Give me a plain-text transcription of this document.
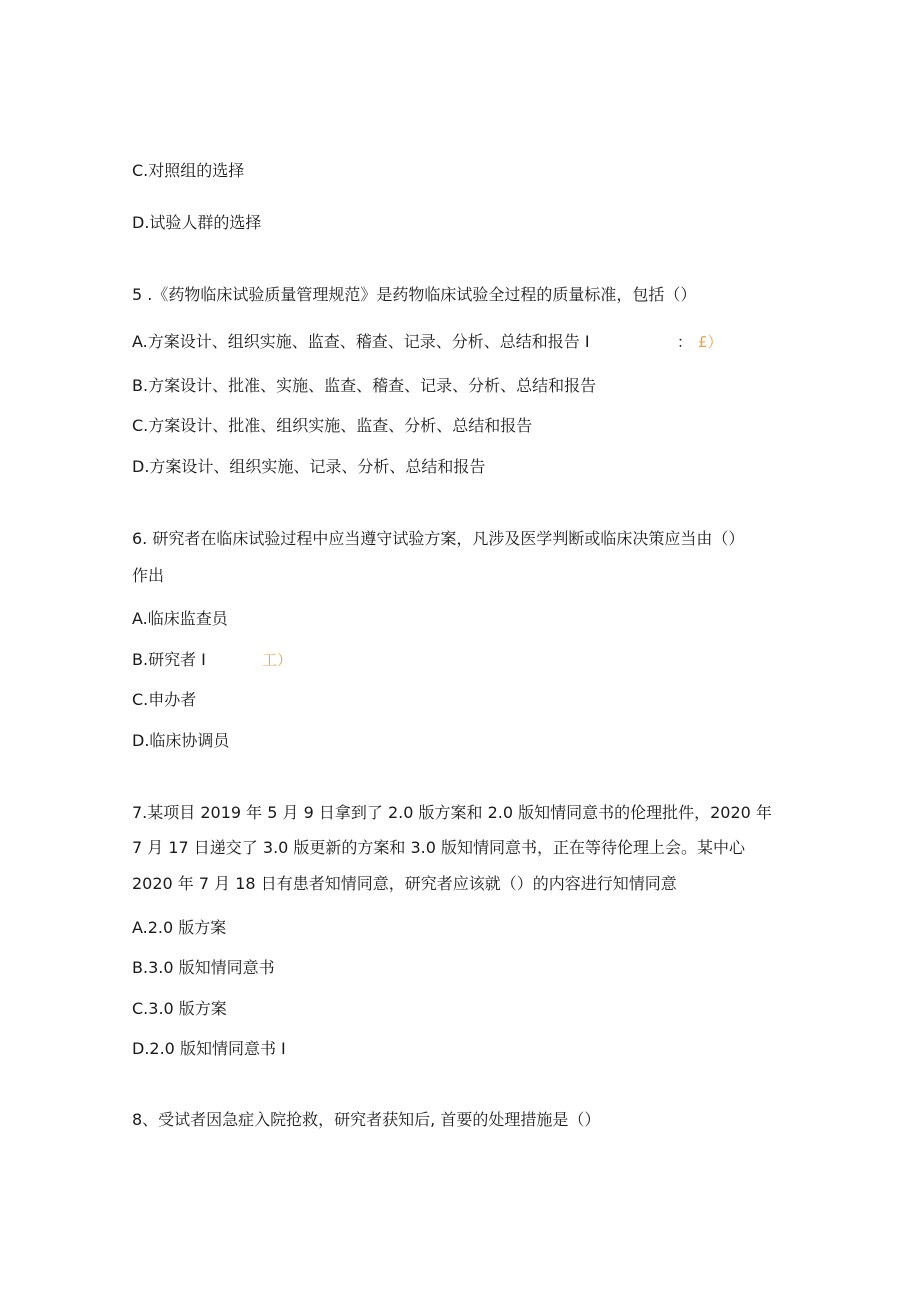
C.对照组的选择
D.试验人群的选择
5 .《药物临床试验质量管理规范》是药物临床试验全过程的质量标准，包括（）
A.方案设计、组织实施、监查、稽查、记录、分析、总结和报告 I	： £）
B.方案设计、批准、实施、监查、稽查、记录、分析、总结和报告
C.方案设计、批准、组织实施、监查、分析、总结和报告
D.方案设计、组织实施、记录、分析、总结和报告
6. 研究者在临床试验过程中应当遵守试验方案，凡涉及医学判断或临床决策应当由（）
作出
A.临床监查员
B.研究者 I	工）
C.申办者
D.临床协调员
7.某项目 2019 年 5 月 9 日拿到了 2.0 版方案和 2.0 版知情同意书的伦理批件，2020 年
7 月 17 日递交了 3.0 版更新的方案和 3.0 版知情同意书，正在等待伦理上会。某中心
2020 年 7 月 18 日有患者知情同意，研究者应该就（）的内容进行知情同意
A.2.0 版方案
B.3.0 版知情同意书
C.3.0 版方案
D.2.0 版知情同意书 I
8、受试者因急症入院抢救，研究者获知后, 首要的处理措施是（）
